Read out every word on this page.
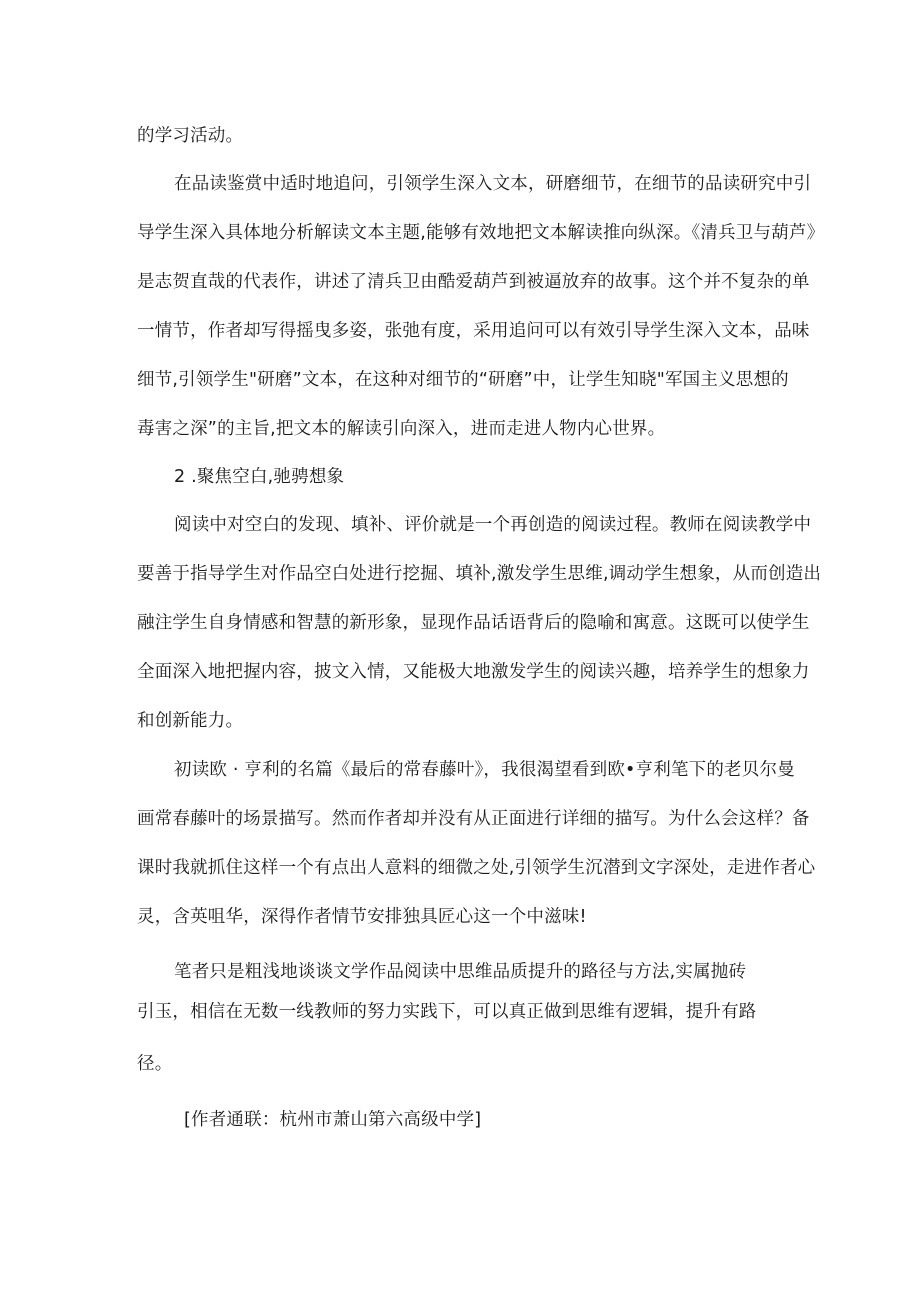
的学习活动。
在品读鉴赏中适时地追问，引领学生深入文本，研磨细节，在细节的品读研究中引
导学生深入具体地分析解读文本主题,能够有效地把文本解读推向纵深。《清兵卫与葫芦》
是志贺直哉的代表作，讲述了清兵卫由酷爱葫芦到被逼放弃的故事。这个并不复杂的单
一情节，作者却写得摇曳多姿，张弛有度，采用追问可以有效引导学生深入文本，品味
细节,引领学生"研磨”文本，在这种对细节的“研磨”中，让学生知晓"军国主义思想的
毒害之深”的主旨,把文本的解读引向深入，进而走进人物内心世界。
2 .聚焦空白,驰骋想象
阅读中对空白的发现、填补、评价就是一个再创造的阅读过程。教师在阅读教学中
要善于指导学生对作品空白处进行挖掘、填补,激发学生思维,调动学生想象，从而创造出
融注学生自身情感和智慧的新形象，显现作品话语背后的隐喻和寓意。这既可以使学生
全面深入地把握内容，披文入情，又能极大地激发学生的阅读兴趣，培养学生的想象力
和创新能力。
初读欧 · 亨利的名篇《最后的常春藤叶》，我很渴望看到欧•亨利笔下的老贝尔曼
画常春藤叶的场景描写。然而作者却并没有从正面进行详细的描写。为什么会这样？备
课时我就抓住这样一个有点出人意料的细微之处,引领学生沉潜到文字深处，走进作者心
灵，含英咀华，深得作者情节安排独具匠心这一个中滋味!
笔者只是粗浅地谈谈文学作品阅读中思维品质提升的路径与方法,实属抛砖
引玉，相信在无数一线教师的努力实践下，可以真正做到思维有逻辑，提升有路
径。
[作者通联：杭州市萧山第六高级中学]
